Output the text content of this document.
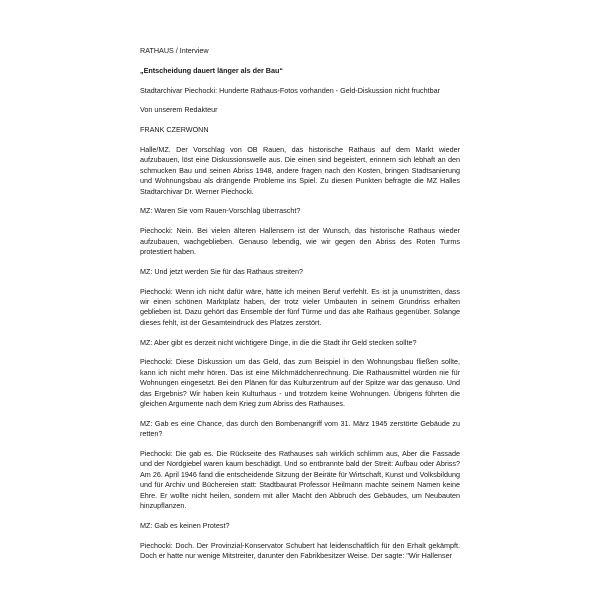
RATHAUS / Interview

„Entscheidung dauert länger als der Bau“

Stadtarchivar Piechocki: Hunderte Rathaus-Fotos vorhanden - Geld-Diskussion nicht fruchtbar

Von unserem Redakteur

FRANK CZERWONN

Halle/MZ. Der Vorschlag von OB Rauen, das historische Rathaus auf dem Markt wieder aufzubauen, löst eine Diskussionswelle aus. Die einen sind begeistert, erinnern sich lebhaft an den schmucken Bau und seinen Abriss 1948, andere fragen nach den Kosten, bringen Stadtsanierung und Wohnungsbau als drängende Probleme ins Spiel. Zu diesen Punkten befragte die MZ Halles Stadtarchivar Dr. Werner Piechocki.

MZ: Waren Sie vom Rauen-Vorschlag überrascht?

Piechocki: Nein. Bei vielen älteren Hallensern ist der Wunsch, das historische Rathaus wieder aufzubauen, wachgeblieben. Genauso lebendig, wie wir gegen den Abriss des Roten Turms protestiert haben.

MZ: Und jetzt werden Sie für das Rathaus streiten?

Piechocki: Wenn ich nicht dafür wäre, hätte ich meinen Beruf verfehlt. Es ist ja unumstritten, dass wir einen schönen Marktplatz haben, der trotz vieler Umbauten in seinem Grundriss erhalten geblieben ist. Dazu gehört das Ensemble der fünf Türme und das alte Rathaus gegenüber. Solange dieses fehlt, ist der Gesamteindruck des Platzes zerstört.

MZ: Aber gibt es derzeit nicht wichtigere Dinge, in die die Stadt ihr Geld stecken sollte?

Piechocki: Diese Diskussion um das Geld, das zum Beispiel in den Wohnungsbau fließen sollte, kann ich nicht mehr hören. Das ist eine Milchmädchenrechnung. Die Rathausmittel würden nie für Wohnungen eingesetzt. Bei den Plänen für das Kulturzentrum auf der Spitze war das genauso. Und das Ergebnis? Wir haben kein Kulturhaus - und trotzdem keine Wohnungen. Übrigens führten die gleichen Argumente nach dem Krieg zum Abriss des Rathauses.

MZ: Gab es eine Chance, das durch den Bombenangriff vom 31. März 1945 zerstörte Gebäude zu retten?

Piechocki: Die gab es. Die Rückseite des Rathauses sah wirklich schlimm aus, Aber die Fassade und der Nordgiebel waren kaum beschädigt. Und so entbrannte bald der Streit: Aufbau oder Abriss? Am 26. April 1946 fand die entscheidende Sitzung der Beiräte für Wirtschaft, Kunst und Volksbildung und für Archiv und Büchereien statt: Stadtbaurat Professor Heilmann machte seinem Namen keine Ehre. Er wollte nicht heilen, sondern mit aller Macht den Abbruch des Gebäudes, um Neubauten hinzupflanzen.

MZ: Gab es keinen Protest?

Piechocki: Doch. Der Provinzial-Konservator Schubert hat leidenschaftlich für den Erhalt gekämpft. Doch er hatte nur wenige Mitstreiter, darunter den Fabrikbesitzer Weise. Der sagte: "Wir Hallenser
